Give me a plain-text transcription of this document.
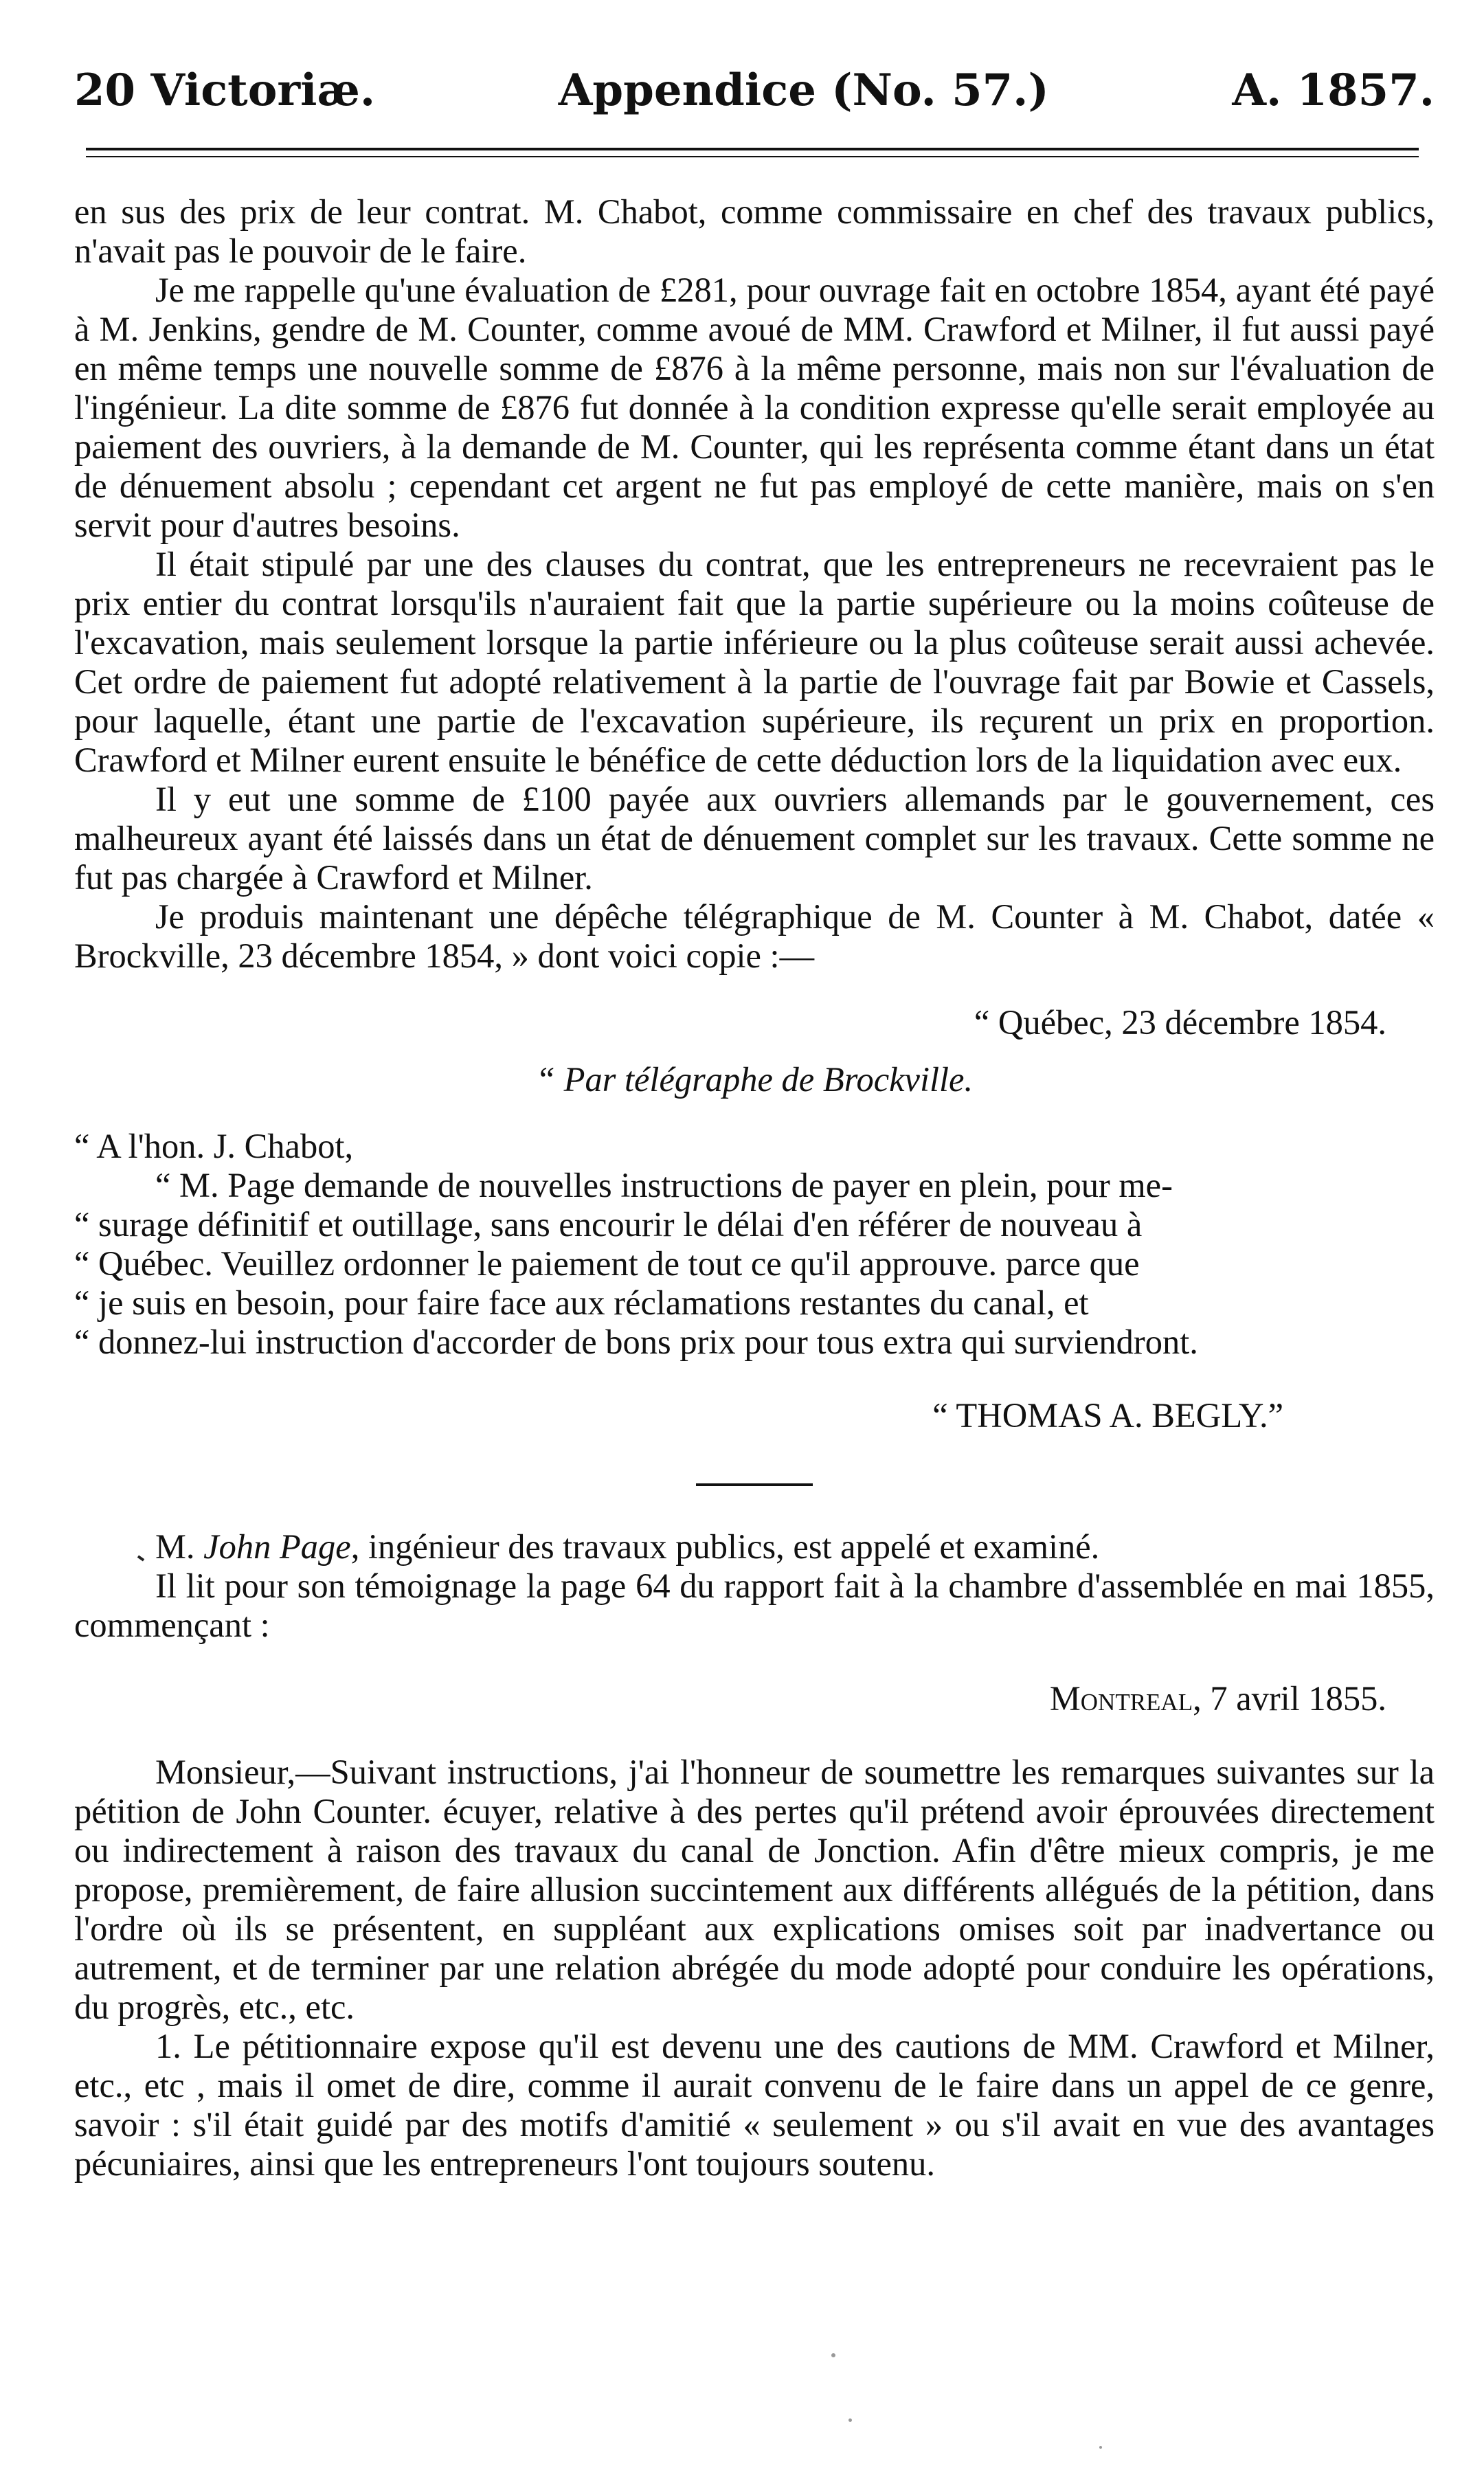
20 Victoriæ.	Appendice (No. 57.)	A. 1857.

en sus des prix de leur contrat. M. Chabot, comme commissaire en chef des travaux publics, n'avait pas le pouvoir de le faire.

Je me rappelle qu'une évaluation de £281, pour ouvrage fait en octobre 1854, ayant été payé à M. Jenkins, gendre de M. Counter, comme avoué de MM. Crawford et Milner, il fut aussi payé en même temps une nouvelle somme de £876 à la même personne, mais non sur l'évaluation de l'ingénieur. La dite somme de £876 fut donnée à la condition expresse qu'elle serait employée au paiement des ouvriers, à la demande de M. Counter, qui les représenta comme étant dans un état de dénuement absolu ; cependant cet argent ne fut pas employé de cette manière, mais on s'en servit pour d'autres besoins.

Il était stipulé par une des clauses du contrat, que les entrepreneurs ne recevraient pas le prix entier du contrat lorsqu'ils n'auraient fait que la partie supérieure ou la moins coûteuse de l'excavation, mais seulement lorsque la partie inférieure ou la plus coûteuse serait aussi achevée. Cet ordre de paiement fut adopté relativement à la partie de l'ouvrage fait par Bowie et Cassels, pour laquelle, étant une partie de l'excavation supérieure, ils reçurent un prix en proportion. Crawford et Milner eurent ensuite le bénéfice de cette déduction lors de la liquidation avec eux.

Il y eut une somme de £100 payée aux ouvriers allemands par le gouvernement, ces malheureux ayant été laissés dans un état de dénuement complet sur les travaux. Cette somme ne fut pas chargée à Crawford et Milner.

Je produis maintenant une dépêche télégraphique de M. Counter à M. Chabot, datée « Brockville, 23 décembre 1854, » dont voici copie :—

“ Québec, 23 décembre 1854.

“ Par télégraphe de Brockville.

“ A l'hon. J. Chabot,

“ M. Page demande de nouvelles instructions de payer en plein, pour me-

“ surage définitif et outillage, sans encourir le délai d'en référer de nouveau à

“ Québec. Veuillez ordonner le paiement de tout ce qu'il approuve. parce que

“ je suis en besoin, pour faire face aux réclamations restantes du canal, et

“ donnez-lui instruction d'accorder de bons prix pour tous extra qui surviendront.

“ THOMAS A. BEGLY.”

M. John Page, ingénieur des travaux publics, est appelé et examiné.

Il lit pour son témoignage la page 64 du rapport fait à la chambre d'assemblée en mai 1855, commençant :

Montreal, 7 avril 1855.

Monsieur,—Suivant instructions, j'ai l'honneur de soumettre les remarques suivantes sur la pétition de John Counter. écuyer, relative à des pertes qu'il prétend avoir éprouvées directement ou indirectement à raison des travaux du canal de Jonction. Afin d'être mieux compris, je me propose, premièrement, de faire allusion succintement aux différents allégués de la pétition, dans l'ordre où ils se présentent, en suppléant aux explications omises soit par inadvertance ou autrement, et de terminer par une relation abrégée du mode adopté pour conduire les opérations, du progrès, etc., etc.

1. Le pétitionnaire expose qu'il est devenu une des cautions de MM. Crawford et Milner, etc., etc , mais il omet de dire, comme il aurait convenu de le faire dans un appel de ce genre, savoir : s'il était guidé par des motifs d'amitié « seulement » ou s'il avait en vue des avantages pécuniaires, ainsi que les entrepreneurs l'ont toujours soutenu.
